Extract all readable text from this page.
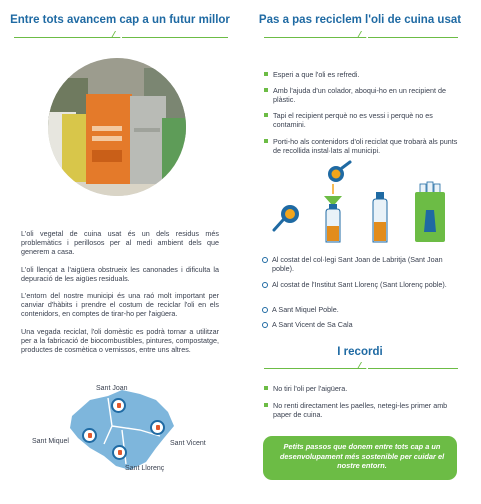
Entre tots avancem cap a un futur millor
L'oli vegetal de cuina usat és un dels residus més problemàtics i perillosos per al medi ambient dels que generem a casa.
L'oli llençat a l'aigüera obstrueix les canonades i dificulta la depuració de les aigües residuals.
L'entorn del nostre municipi és una raó molt important per canviar d'hàbits i prendre el costum de reciclar l'oli en els contenidors, en comptes de tirar-ho per l'aigüera.
Una vegada reciclat, l'oli domèstic es podrà tornar a utilitzar per a la fabricació de biocombustibles, pintures, compostatge, productes de cosmètica o vernissos, entre uns altres.
Sant Joan
Sant Miquel	Sant Vicent
Sant Llorenç
Pas a pas reciclem l'oli de cuina usat
Esperi a que l'oli es refredi.
Amb l'ajuda d'un colador, aboqui-ho en un recipient de plàstic.
Tapi el recipient perquè no es vessi i perquè no es contamini.
Porti-ho als contenidors d'oli reciclat que trobarà als punts de recollida instal·lats al municipi.
Al costat del col·legi Sant Joan de Labritja (Sant Joan poble).
Al costat de l'Institut Sant Llorenç (Sant Llorenç poble).
A Sant Miquel Poble.
A Sant Vicent de Sa Cala
I recordi
No tiri l'oli per l'aigüera.
No renti directament les paelles, netegi-les primer amb paper de cuina.
Petits passos que donem entre tots cap a un desenvolupament més sostenible per cuidar el nostre entorn.
